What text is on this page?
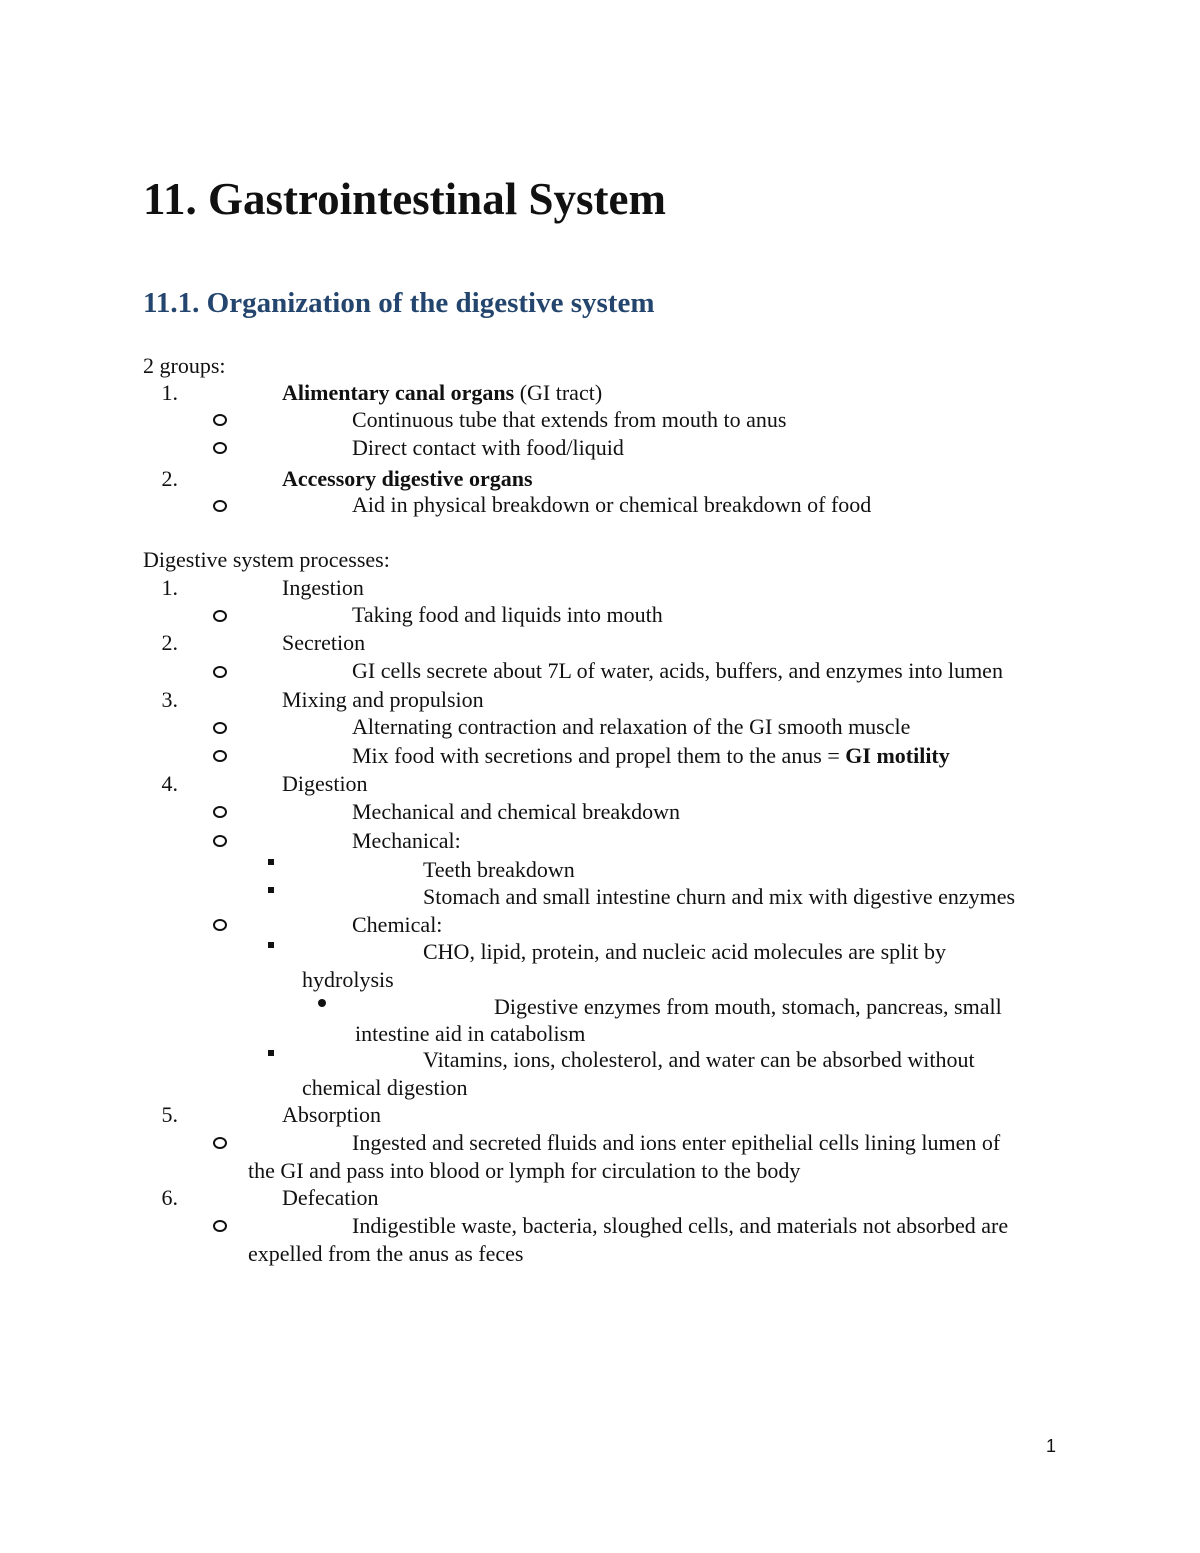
11. Gastrointestinal System
11.1. Organization of the digestive system
2 groups:
1.	Alimentary canal organs (GI tract)
Continuous tube that extends from mouth to anus
Direct contact with food/liquid
2.	Accessory digestive organs
Aid in physical breakdown or chemical breakdown of food
Digestive system processes:
1.	Ingestion
Taking food and liquids into mouth
2.	Secretion
GI cells secrete about 7L of water, acids, buffers, and enzymes into lumen
3.	Mixing and propulsion
Alternating contraction and relaxation of the GI smooth muscle
Mix food with secretions and propel them to the anus = GI motility
4.	Digestion
Mechanical and chemical breakdown
Mechanical:
Teeth breakdown
Stomach and small intestine churn and mix with digestive enzymes
Chemical:
CHO, lipid, protein, and nucleic acid molecules are split by
hydrolysis
Digestive enzymes from mouth, stomach, pancreas, small
intestine aid in catabolism
Vitamins, ions, cholesterol, and water can be absorbed without
chemical digestion
5.	Absorption
Ingested and secreted fluids and ions enter epithelial cells lining lumen of
the GI and pass into blood or lymph for circulation to the body
6.	Defecation
Indigestible waste, bacteria, sloughed cells, and materials not absorbed are
expelled from the anus as feces
1
